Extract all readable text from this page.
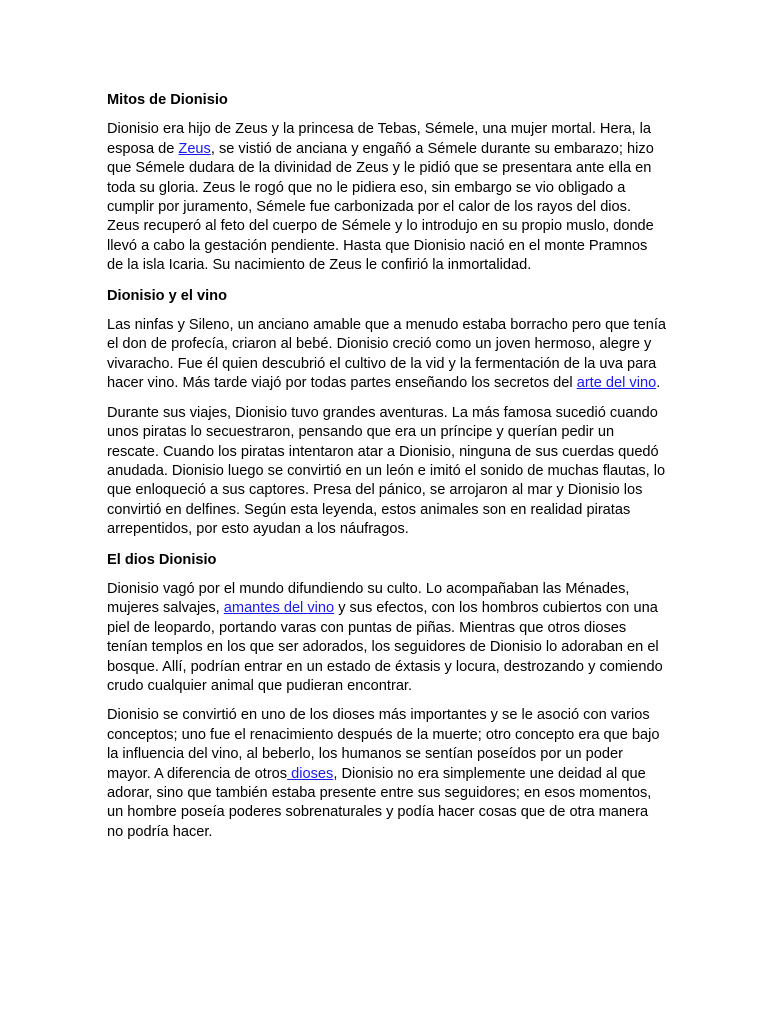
Mitos de Dionisio

Dionisio era hijo de Zeus y la princesa de Tebas, Sémele, una mujer mortal. Hera, la esposa de Zeus, se vistió de anciana y engañó a Sémele durante su embarazo; hizo que Sémele dudara de la divinidad de Zeus y le pidió que se presentara ante ella en toda su gloria. Zeus le rogó que no le pidiera eso, sin embargo se vio obligado a cumplir por juramento, Sémele fue carbonizada por el calor de los rayos del dios. Zeus recuperó al feto del cuerpo de Sémele y lo introdujo en su propio muslo, donde llevó a cabo la gestación pendiente. Hasta que Dionisio nació en el monte Pramnos de la isla Icaria. Su nacimiento de Zeus le confirió la inmortalidad.

Dionisio y el vino

Las ninfas y Sileno, un anciano amable que a menudo estaba borracho pero que tenía el don de profecía, criaron al bebé. Dionisio creció como un joven hermoso, alegre y vivaracho. Fue él quien descubrió el cultivo de la vid y la fermentación de la uva para hacer vino. Más tarde viajó por todas partes enseñando los secretos del arte del vino.

Durante sus viajes, Dionisio tuvo grandes aventuras. La más famosa sucedió cuando unos piratas lo secuestraron, pensando que era un príncipe y querían pedir un rescate. Cuando los piratas intentaron atar a Dionisio, ninguna de sus cuerdas quedó anudada. Dionisio luego se convirtió en un león e imitó el sonido de muchas flautas, lo que enloqueció a sus captores. Presa del pánico, se arrojaron al mar y Dionisio los convirtió en delfines. Según esta leyenda, estos animales son en realidad piratas arrepentidos, por esto ayudan a los náufragos.

El dios Dionisio

Dionisio vagó por el mundo difundiendo su culto. Lo acompañaban las Ménades, mujeres salvajes, amantes del vino y sus efectos, con los hombros cubiertos con una piel de leopardo, portando varas con puntas de piñas. Mientras que otros dioses tenían templos en los que ser adorados, los seguidores de Dionisio lo adoraban en el bosque. Allí, podrían entrar en un estado de éxtasis y locura, destrozando y comiendo crudo cualquier animal que pudieran encontrar.

Dionisio se convirtió en uno de los dioses más importantes y se le asoció con varios conceptos; uno fue el renacimiento después de la muerte; otro concepto era que bajo la influencia del vino, al beberlo, los humanos se sentían poseídos por un poder mayor. A diferencia de otros dioses, Dionisio no era simplemente une deidad al que adorar, sino que también estaba presente entre sus seguidores; en esos momentos, un hombre poseía poderes sobrenaturales y podía hacer cosas que de otra manera no podría hacer.
